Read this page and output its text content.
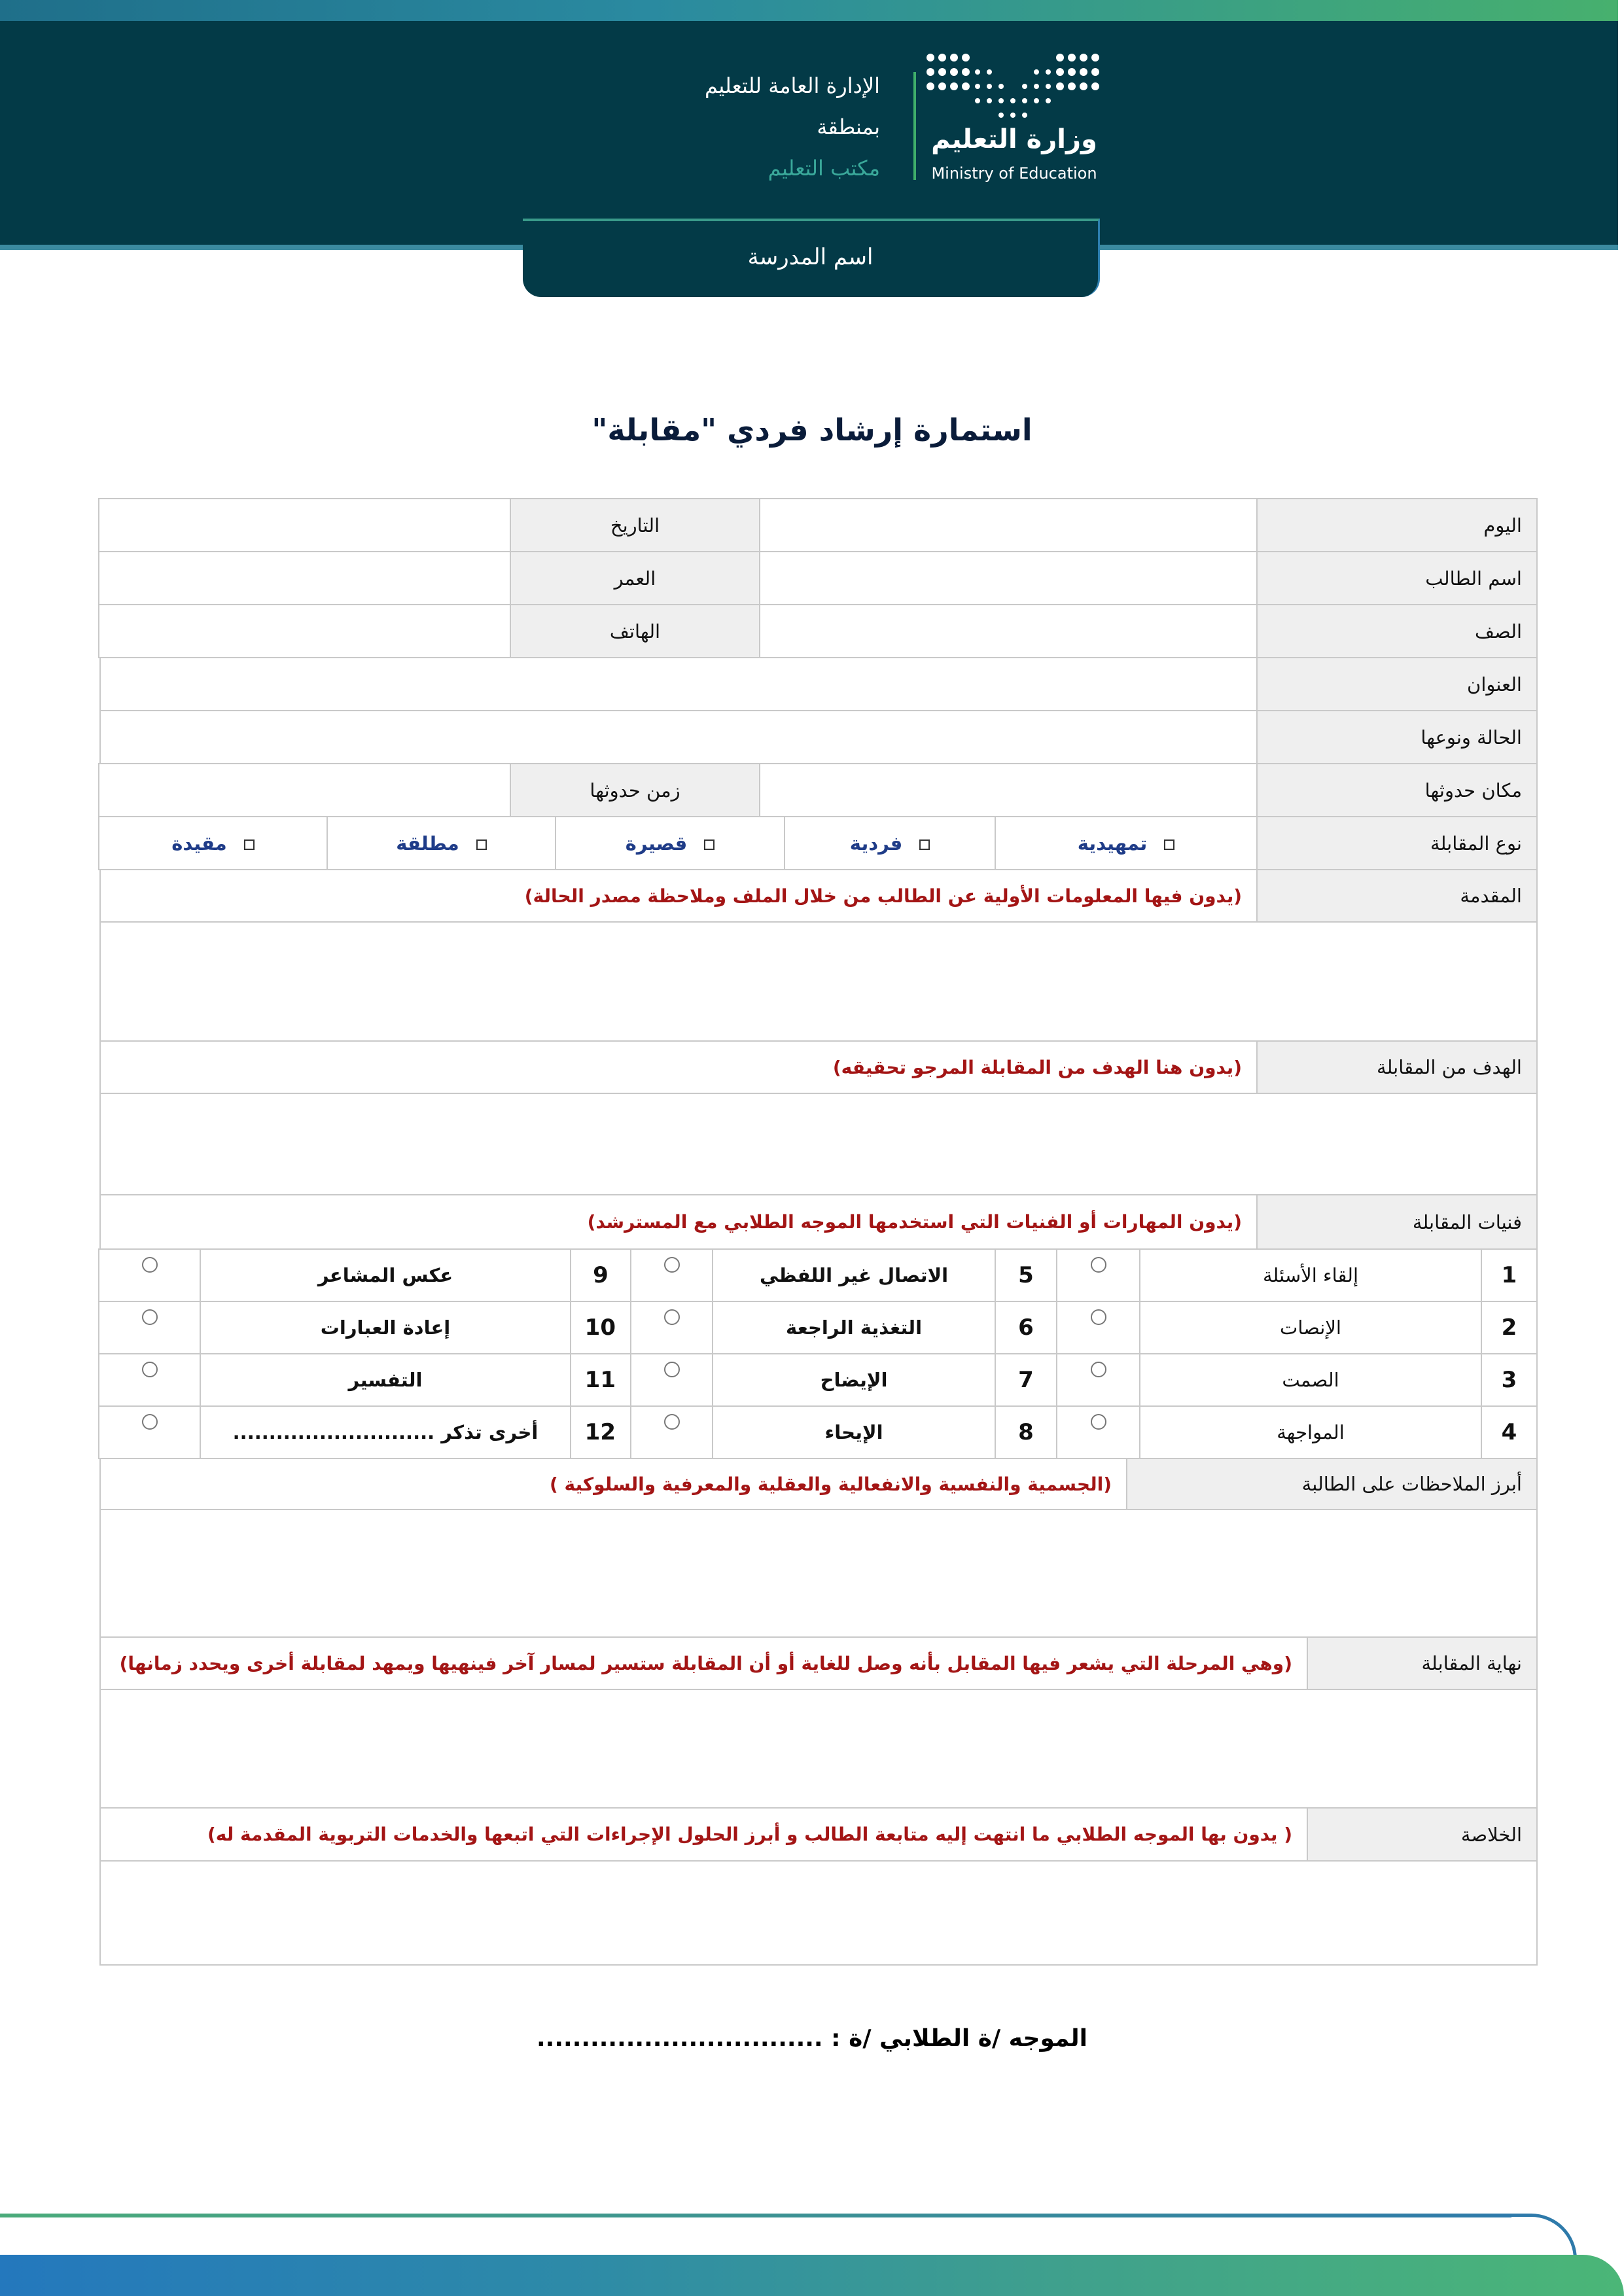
الإدارة العامة للتعليم
بمنطقة
مكتب التعليم
وزارة التعليم
Ministry of Education
اسم المدرسة
استمارة إرشاد فردي "مقابلة"
اليوم		التاريخ	
اسم الطالب		العمر	
الصف		الهاتف	
العنوان	
الحالة ونوعها	
مكان حدوثها		زمن حدوثها	
نوع المقابلة	تمهيدية	فردية	قصيرة	مطلقة	مقيدة
المقدمة	(يدون فيها المعلومات الأولية عن الطالب من خلال الملف وملاحظة مصدر الحالة)

الهدف من المقابلة	(يدون هنا الهدف من المقابلة المرجو تحقيقه)

فنيات المقابلة	(يدون المهارات أو الفنيات التي استخدمها الموجه الطلابي مع المسترشد)
1	إلقاء الأسئلة		5	الاتصال غير اللفظي		9	عكس المشاعر	
2	الإنصات		6	التغذية الراجعة		10	إعادة العبارات	
3	الصمت		7	الإيضاح		11	التفسير	
4	المواجهة		8	الإيحاء		12	أخرى تذكر ............................	
أبرز الملاحظات على الطالبة	(الجسمية والنفسية والانفعالية والعقلية والمعرفية والسلوكية )

نهاية المقابلة	(وهي المرحلة التي يشعر فيها المقابل بأنه وصل للغاية أو أن المقابلة ستسير لمسار آخر فينهيها ويمهد لمقابلة أخرى ويحدد زمانها)

الخلاصة	( يدون بها الموجه الطلابي ما انتهت إليه متابعة الطالب و أبرز الحلول الإجراءات التي اتبعها والخدمات التربوية المقدمة له)

الموجه /ة الطلابي /ة : ................................
